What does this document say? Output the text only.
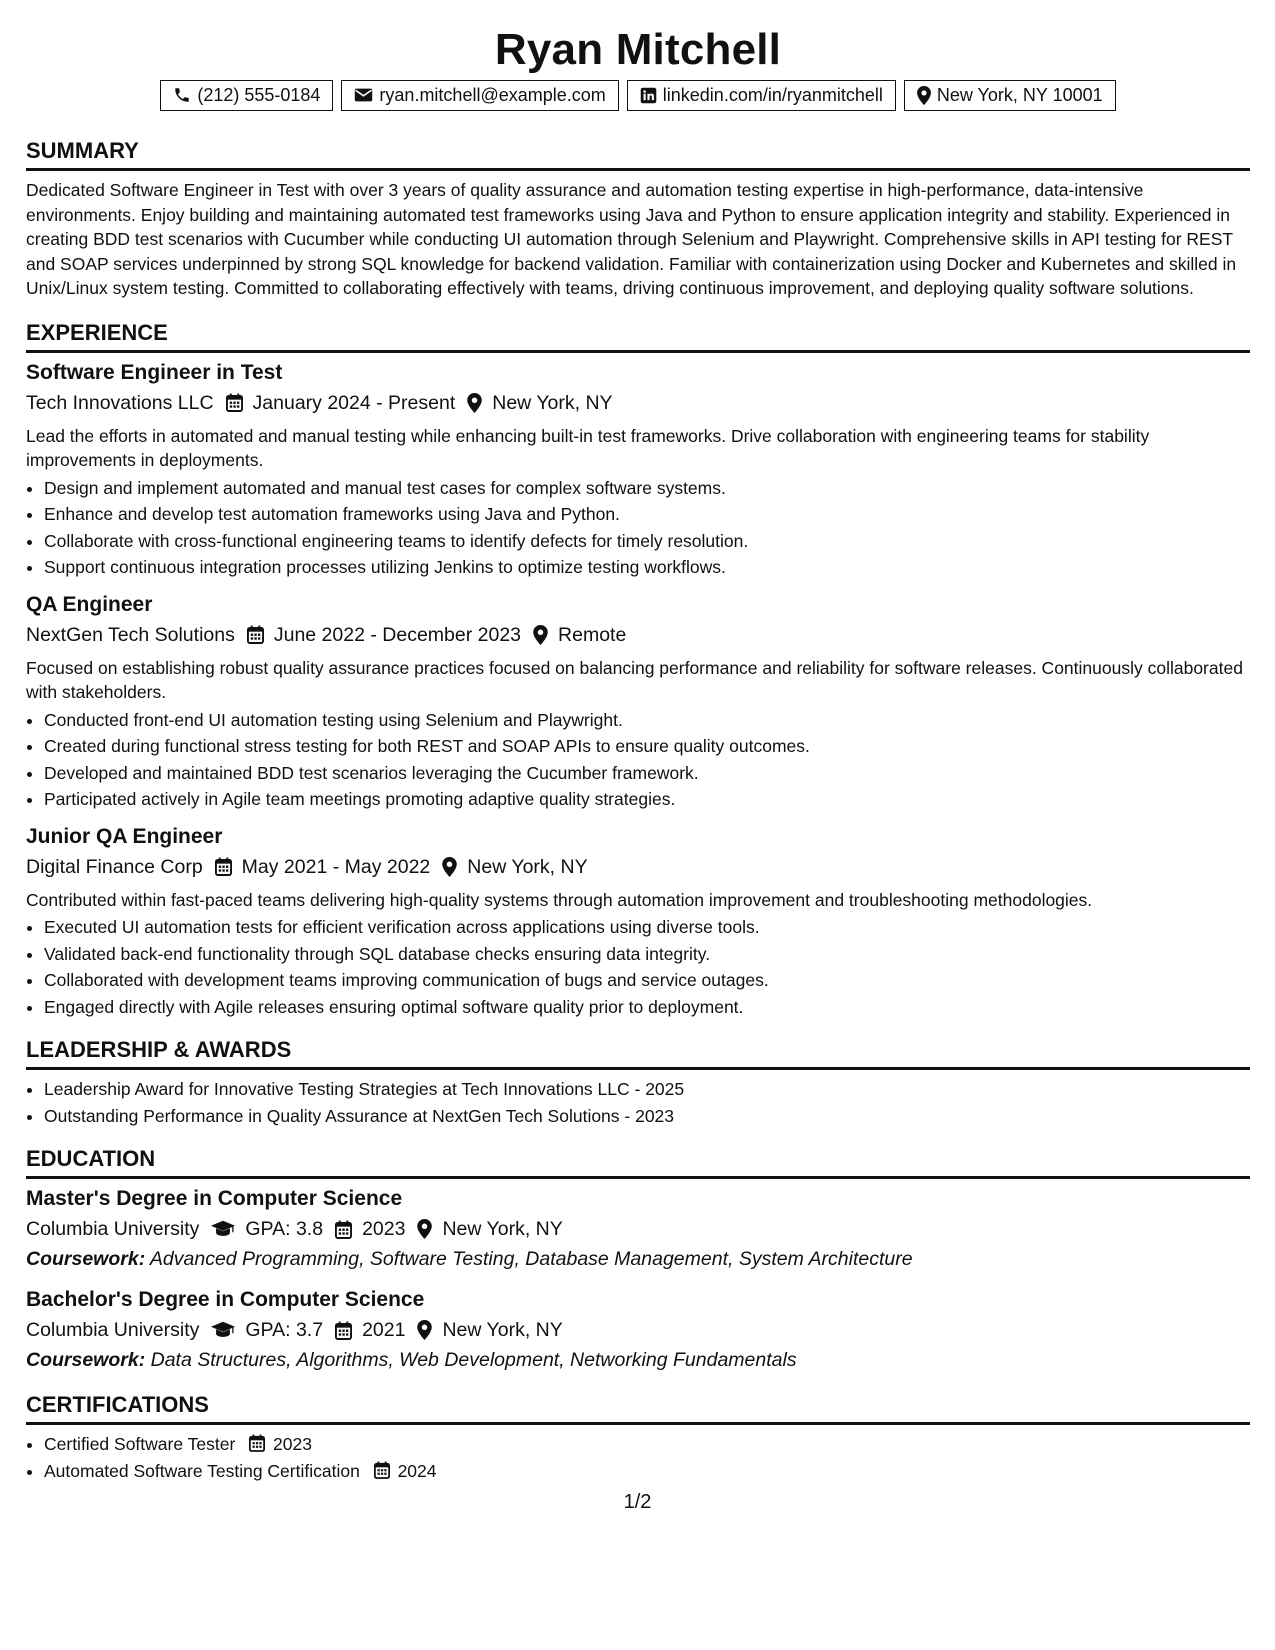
Ryan Mitchell
(212) 555-0184	ryan.mitchell@example.com	linkedin.com/in/ryanmitchell	New York, NY 10001
SUMMARY
Dedicated Software Engineer in Test with over 3 years of quality assurance and automation testing expertise in high-performance, data-intensive environments. Enjoy building and maintaining automated test frameworks using Java and Python to ensure application integrity and stability. Experienced in creating BDD test scenarios with Cucumber while conducting UI automation through Selenium and Playwright. Comprehensive skills in API testing for REST and SOAP services underpinned by strong SQL knowledge for backend validation. Familiar with containerization using Docker and Kubernetes and skilled in Unix/Linux system testing. Committed to collaborating effectively with teams, driving continuous improvement, and deploying quality software solutions.
EXPERIENCE
Software Engineer in Test
Tech Innovations LLC January 2024 - Present New York, NY
Lead the efforts in automated and manual testing while enhancing built-in test frameworks. Drive collaboration with engineering teams for stability improvements in deployments.
• Design and implement automated and manual test cases for complex software systems.
• Enhance and develop test automation frameworks using Java and Python.
• Collaborate with cross-functional engineering teams to identify defects for timely resolution.
• Support continuous integration processes utilizing Jenkins to optimize testing workflows.
QA Engineer
NextGen Tech Solutions June 2022 - December 2023 Remote
Focused on establishing robust quality assurance practices focused on balancing performance and reliability for software releases. Continuously collaborated with stakeholders.
• Conducted front-end UI automation testing using Selenium and Playwright.
• Created during functional stress testing for both REST and SOAP APIs to ensure quality outcomes.
• Developed and maintained BDD test scenarios leveraging the Cucumber framework.
• Participated actively in Agile team meetings promoting adaptive quality strategies.
Junior QA Engineer
Digital Finance Corp May 2021 - May 2022 New York, NY
Contributed within fast-paced teams delivering high-quality systems through automation improvement and troubleshooting methodologies.
• Executed UI automation tests for efficient verification across applications using diverse tools.
• Validated back-end functionality through SQL database checks ensuring data integrity.
• Collaborated with development teams improving communication of bugs and service outages.
• Engaged directly with Agile releases ensuring optimal software quality prior to deployment.
LEADERSHIP & AWARDS
• Leadership Award for Innovative Testing Strategies at Tech Innovations LLC - 2025
• Outstanding Performance in Quality Assurance at NextGen Tech Solutions - 2023
EDUCATION
Master's Degree in Computer Science
Columbia University GPA: 3.8 2023 New York, NY
Coursework: Advanced Programming, Software Testing, Database Management, System Architecture
Bachelor's Degree in Computer Science
Columbia University GPA: 3.7 2021 New York, NY
Coursework: Data Structures, Algorithms, Web Development, Networking Fundamentals
CERTIFICATIONS
• Certified Software Tester 2023
• Automated Software Testing Certification 2024
1/2
